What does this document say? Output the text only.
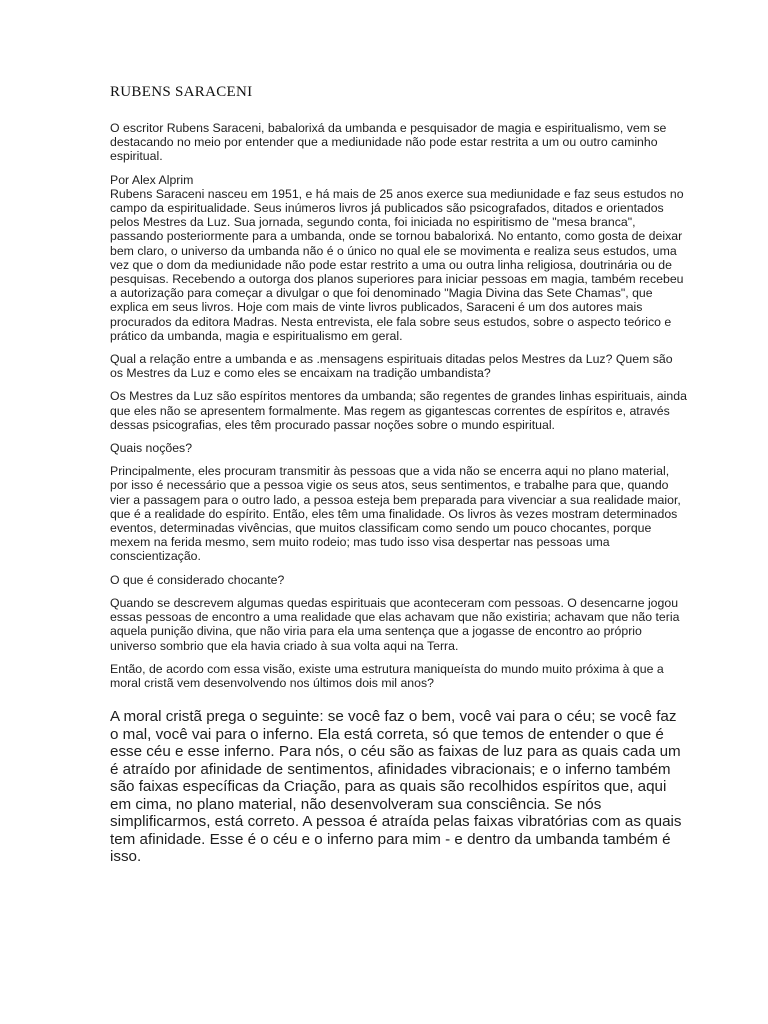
RUBENS SARACENI

O escritor Rubens Saraceni, babalorixá da umbanda e pesquisador de magia e espiritualismo, vem se destacando no meio por entender que a mediunidade não pode estar restrita a um ou outro caminho espiritual.

Por Alex Alprim

Rubens Saraceni nasceu em 1951, e há mais de 25 anos exerce sua mediunidade e faz seus estudos no campo da espiritualidade. Seus inúmeros livros já publicados são psicografados, ditados e orientados pelos Mestres da Luz. Sua jornada, segundo conta, foi iniciada no espiritismo de "mesa branca", passando posteriormente para a umbanda, onde se tornou babalorixá. No entanto, como gosta de deixar bem claro, o universo da umbanda não é o único no qual ele se movimenta e realiza seus estudos, uma vez que o dom da mediunidade não pode estar restrito a uma ou outra linha religiosa, doutrinária ou de pesquisas. Recebendo a outorga dos planos superiores para iniciar pessoas em magia, também recebeu a autorização para começar a divulgar o que foi denominado "Magia Divina das Sete Chamas", que explica em seus livros. Hoje com mais de vinte livros publicados, Saraceni é um dos autores mais procurados da editora Madras. Nesta entrevista, ele fala sobre seus estudos, sobre o aspecto teórico e prático da umbanda, magia e espiritualismo em geral.

Qual a relação entre a umbanda e as .mensagens espirituais ditadas pelos Mestres da Luz? Quem são os Mestres da Luz e como eles se encaixam na tradição umbandista?

Os Mestres da Luz são espíritos mentores da umbanda; são regentes de grandes linhas espirituais, ainda que eles não se apresentem formalmente. Mas regem as gigantescas correntes de espíritos e, através dessas psicografias, eles têm procurado passar noções sobre o mundo espiritual.

Quais noções?

Principalmente, eles procuram transmitir às pessoas que a vida não se encerra aqui no plano material, por isso é necessário que a pessoa vigie os seus atos, seus sentimentos, e trabalhe para que, quando vier a passagem para o outro lado, a pessoa esteja bem preparada para vivenciar a sua realidade maior, que é a realidade do espírito. Então, eles têm uma finalidade. Os livros às vezes mostram determinados eventos, determinadas vivências, que muitos classificam como sendo um pouco chocantes, porque mexem na ferida mesmo, sem muito rodeio; mas tudo isso visa despertar nas pessoas uma conscientização.

O que é considerado chocante?

Quando se descrevem algumas quedas espirituais que aconteceram com pessoas. O desencarne jogou essas pessoas de encontro a uma realidade que elas achavam que não existiria; achavam que não teria aquela punição divina, que não viria para ela uma sentença que a jogasse de encontro ao próprio universo sombrio que ela havia criado à sua volta aqui na Terra.

Então, de acordo com essa visão, existe uma estrutura maniqueísta do mundo muito próxima à que a moral cristã vem desenvolvendo nos últimos dois mil anos?

A moral cristã prega o seguinte: se você faz o bem, você vai para o céu; se você faz o mal, você vai para o inferno. Ela está correta, só que temos de entender o que é esse céu e esse inferno. Para nós, o céu são as faixas de luz para as quais cada um é atraído por afinidade de sentimentos, afinidades vibracionais; e o inferno também são faixas específicas da Criação, para as quais são recolhidos espíritos que, aqui em cima, no plano material, não desenvolveram sua consciência. Se nós simplificarmos, está correto. A pessoa é atraída pelas faixas vibratórias com as quais tem afinidade. Esse é o céu e o inferno para mim - e dentro da umbanda também é isso.
